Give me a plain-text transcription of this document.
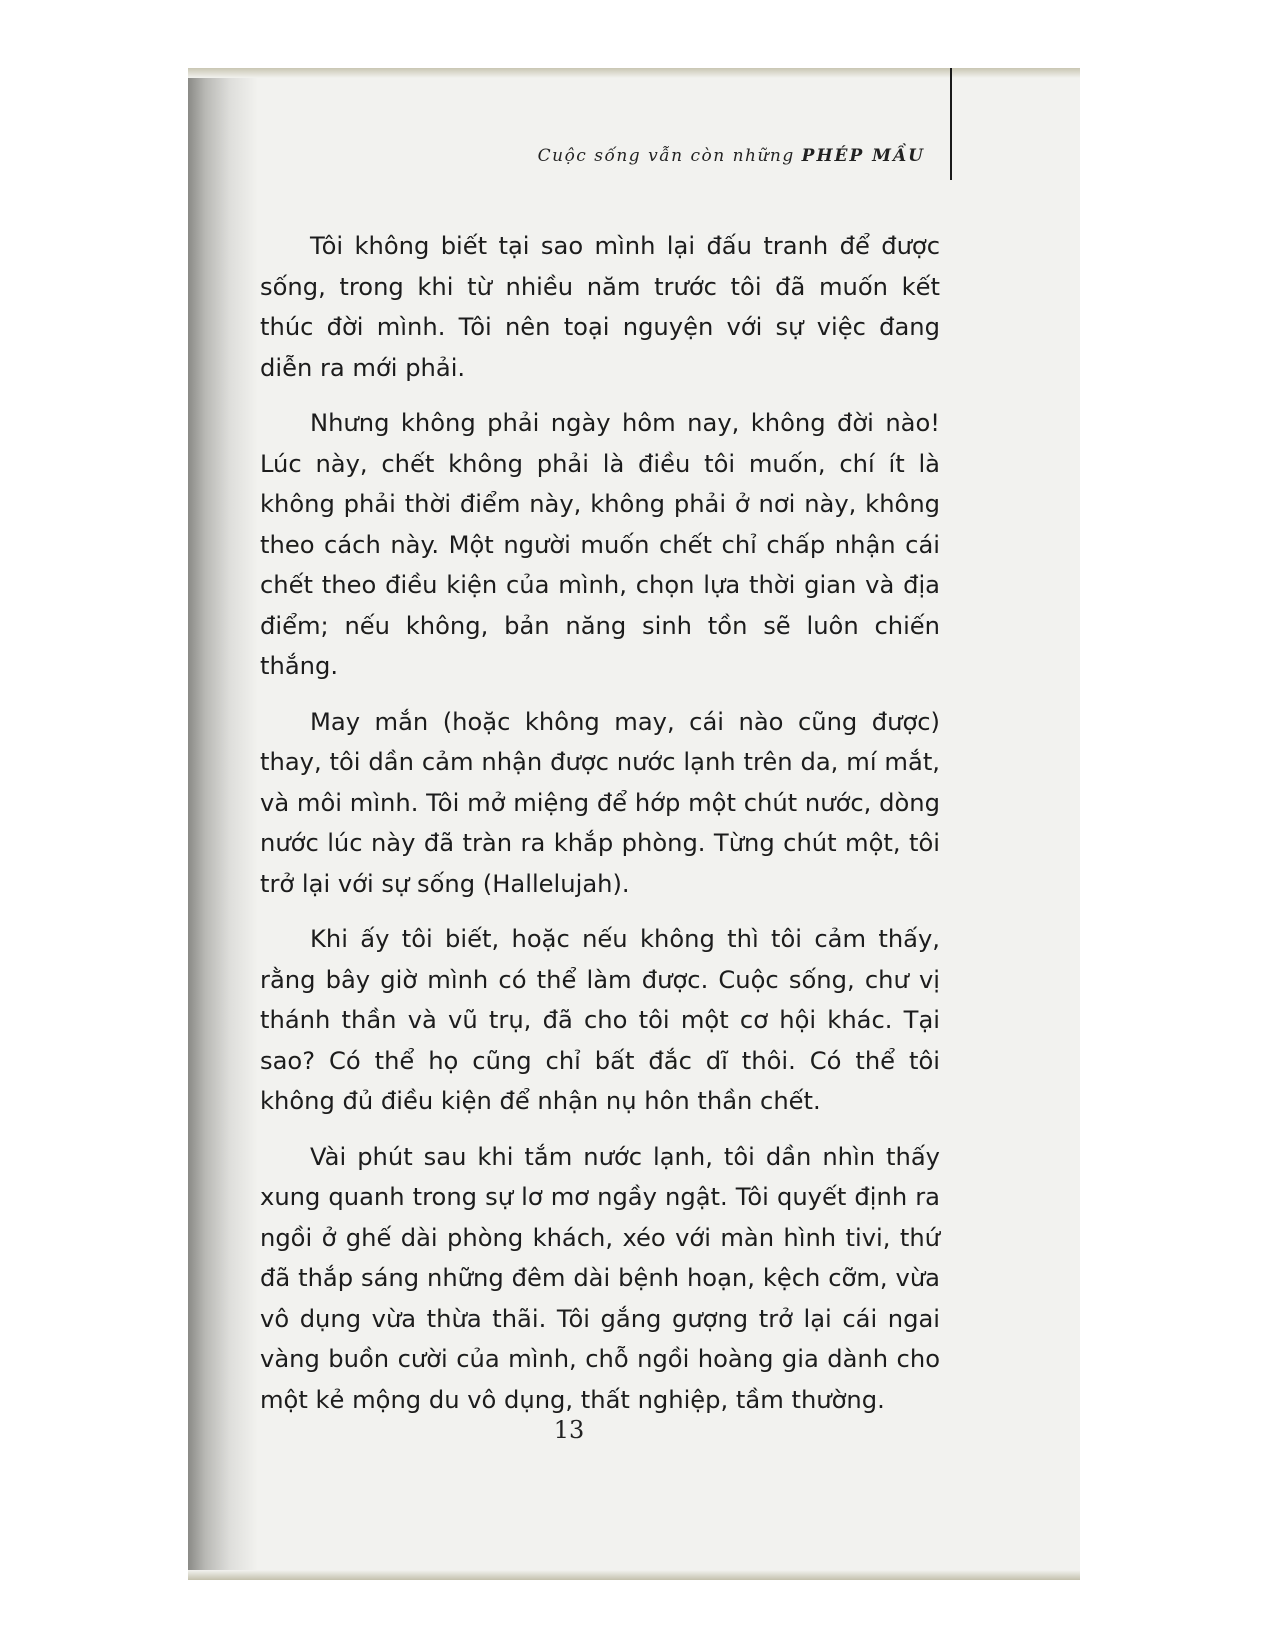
Cuộc sống vẫn còn những PHÉP MẦU

Tôi không biết tại sao mình lại đấu tranh để được sống, trong khi từ nhiều năm trước tôi đã muốn kết thúc đời mình. Tôi nên toại nguyện với sự việc đang diễn ra mới phải.

Nhưng không phải ngày hôm nay, không đời nào! Lúc này, chết không phải là điều tôi muốn, chí ít là không phải thời điểm này, không phải ở nơi này, không theo cách này. Một người muốn chết chỉ chấp nhận cái chết theo điều kiện của mình, chọn lựa thời gian và địa điểm; nếu không, bản năng sinh tồn sẽ luôn chiến thắng.

May mắn (hoặc không may, cái nào cũng được) thay, tôi dần cảm nhận được nước lạnh trên da, mí mắt, và môi mình. Tôi mở miệng để hớp một chút nước, dòng nước lúc này đã tràn ra khắp phòng. Từng chút một, tôi trở lại với sự sống (Hallelujah).

Khi ấy tôi biết, hoặc nếu không thì tôi cảm thấy, rằng bây giờ mình có thể làm được. Cuộc sống, chư vị thánh thần và vũ trụ, đã cho tôi một cơ hội khác. Tại sao? Có thể họ cũng chỉ bất đắc dĩ thôi. Có thể tôi không đủ điều kiện để nhận nụ hôn thần chết.

Vài phút sau khi tắm nước lạnh, tôi dần nhìn thấy xung quanh trong sự lơ mơ ngầy ngật. Tôi quyết định ra ngồi ở ghế dài phòng khách, xéo với màn hình tivi, thứ đã thắp sáng những đêm dài bệnh hoạn, kệch cỡm, vừa vô dụng vừa thừa thãi. Tôi gắng gượng trở lại cái ngai vàng buồn cười của mình, chỗ ngồi hoàng gia dành cho một kẻ mộng du vô dụng, thất nghiệp, tầm thường.

13
